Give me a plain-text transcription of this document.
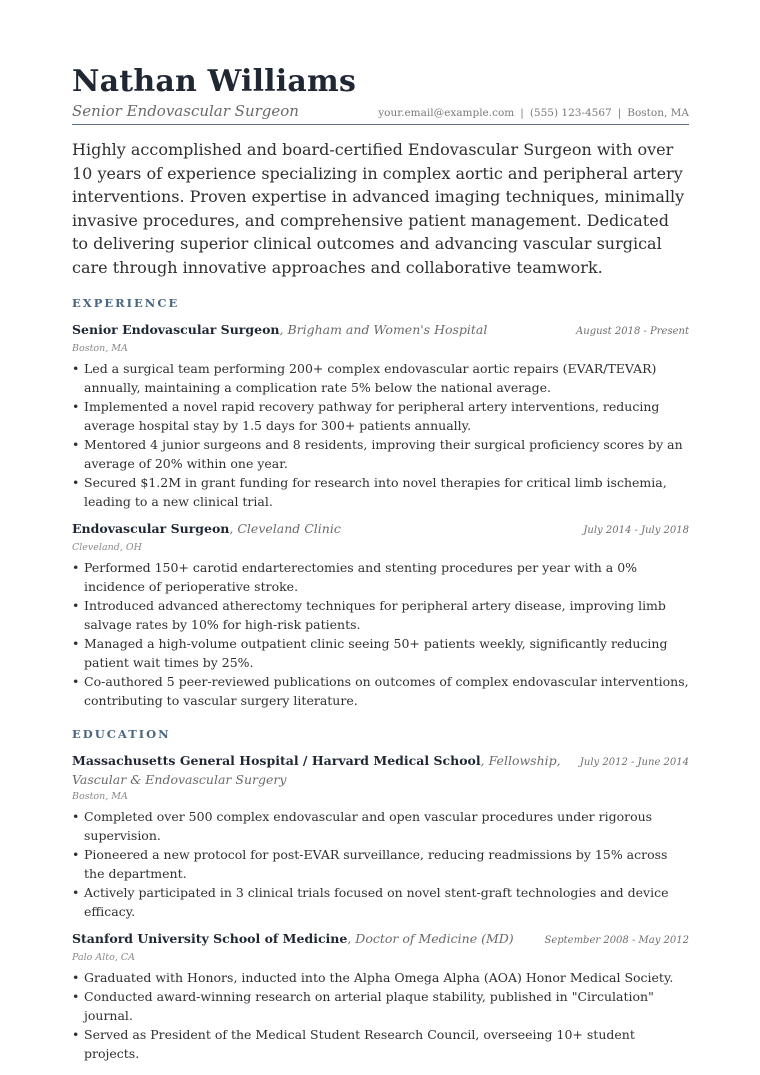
Nathan Williams
Senior Endovascular Surgeon	your.email@example.com | (555) 123-4567 | Boston, MA

Highly accomplished and board-certified Endovascular Surgeon with over 10 years of experience specializing in complex aortic and peripheral artery interventions. Proven expertise in advanced imaging techniques, minimally invasive procedures, and comprehensive patient management. Dedicated to delivering superior clinical outcomes and advancing vascular surgical care through innovative approaches and collaborative teamwork.

EXPERIENCE
Senior Endovascular Surgeon, Brigham and Women's Hospital	August 2018 - Present
Boston, MA
• Led a surgical team performing 200+ complex endovascular aortic repairs (EVAR/TEVAR) annually, maintaining a complication rate 5% below the national average.
• Implemented a novel rapid recovery pathway for peripheral artery interventions, reducing average hospital stay by 1.5 days for 300+ patients annually.
• Mentored 4 junior surgeons and 8 residents, improving their surgical proficiency scores by an average of 20% within one year.
• Secured $1.2M in grant funding for research into novel therapies for critical limb ischemia, leading to a new clinical trial.
Endovascular Surgeon, Cleveland Clinic	July 2014 - July 2018
Cleveland, OH
• Performed 150+ carotid endarterectomies and stenting procedures per year with a 0% incidence of perioperative stroke.
• Introduced advanced atherectomy techniques for peripheral artery disease, improving limb salvage rates by 10% for high-risk patients.
• Managed a high-volume outpatient clinic seeing 50+ patients weekly, significantly reducing patient wait times by 25%.
• Co-authored 5 peer-reviewed publications on outcomes of complex endovascular interventions, contributing to vascular surgery literature.
EDUCATION
Massachusetts General Hospital / Harvard Medical School, Fellowship, Vascular & Endovascular Surgery
July 2012 - June 2014
Boston, MA
• Completed over 500 complex endovascular and open vascular procedures under rigorous supervision.
• Pioneered a new protocol for post-EVAR surveillance, reducing readmissions by 15% across the department.
• Actively participated in 3 clinical trials focused on novel stent-graft technologies and device efficacy.
Stanford University School of Medicine, Doctor of Medicine (MD)	September 2008 - May 2012
Palo Alto, CA
• Graduated with Honors, inducted into the Alpha Omega Alpha (AOA) Honor Medical Society.
• Conducted award-winning research on arterial plaque stability, published in "Circulation" journal.
• Served as President of the Medical Student Research Council, overseeing 10+ student projects.
